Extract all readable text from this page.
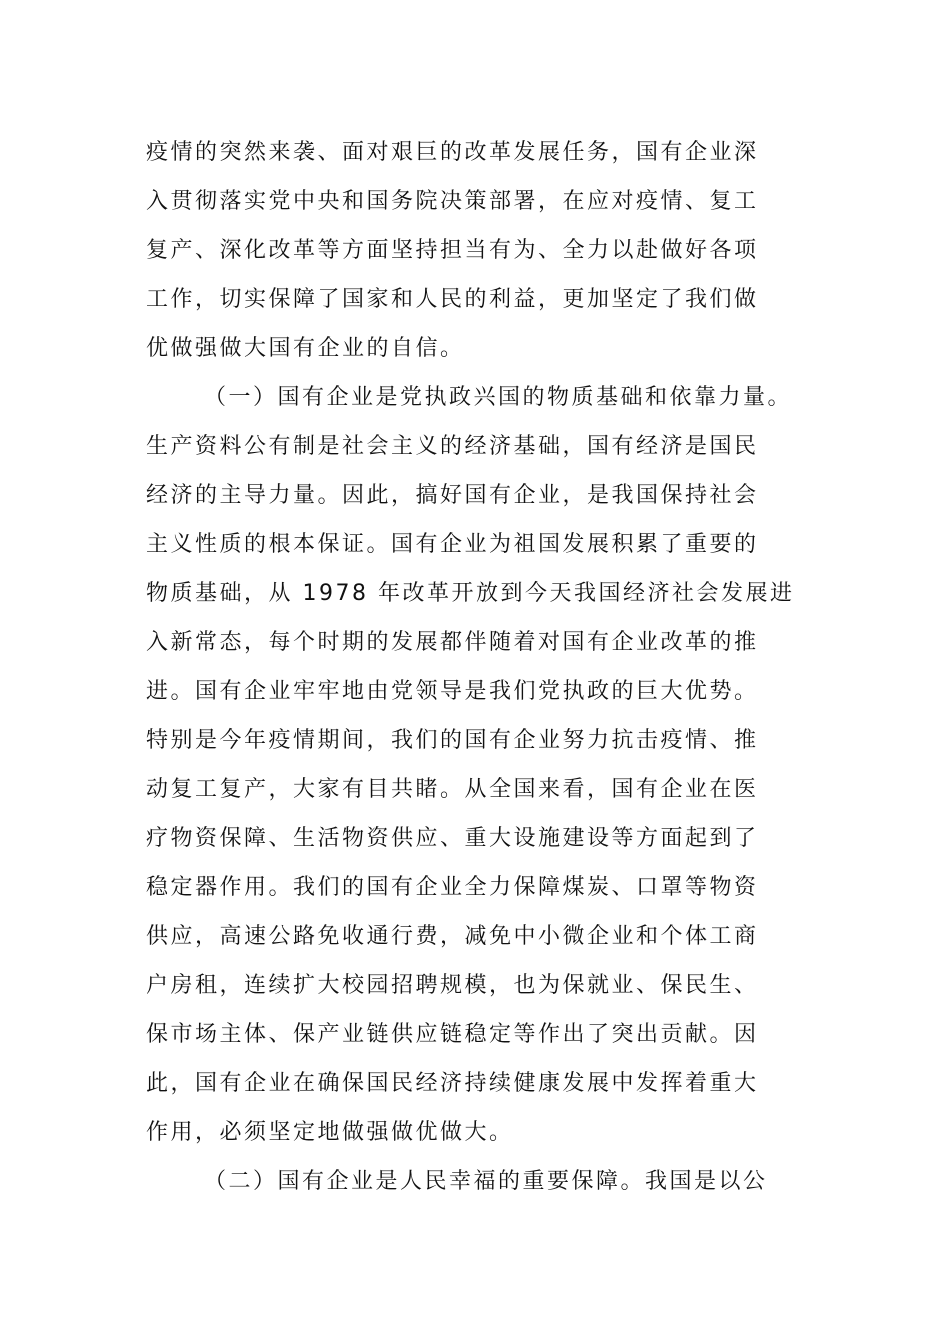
疫情的突然来袭、面对艰巨的改革发展任务，国有企业深
入贯彻落实党中央和国务院决策部署，在应对疫情、复工
复产、深化改革等方面坚持担当有为、全力以赴做好各项
工作，切实保障了国家和人民的利益，更加坚定了我们做
优做强做大国有企业的自信。
（一）国有企业是党执政兴国的物质基础和依靠力量。
生产资料公有制是社会主义的经济基础，国有经济是国民
经济的主导力量。因此，搞好国有企业，是我国保持社会
主义性质的根本保证。国有企业为祖国发展积累了重要的
物质基础，从 1978 年改革开放到今天我国经济社会发展进
入新常态，每个时期的发展都伴随着对国有企业改革的推
进。国有企业牢牢地由党领导是我们党执政的巨大优势。
特别是今年疫情期间，我们的国有企业努力抗击疫情、推
动复工复产，大家有目共睹。从全国来看，国有企业在医
疗物资保障、生活物资供应、重大设施建设等方面起到了
稳定器作用。我们的国有企业全力保障煤炭、口罩等物资
供应，高速公路免收通行费，减免中小微企业和个体工商
户房租，连续扩大校园招聘规模，也为保就业、保民生、
保市场主体、保产业链供应链稳定等作出了突出贡献。因
此，国有企业在确保国民经济持续健康发展中发挥着重大
作用，必须坚定地做强做优做大。
（二）国有企业是人民幸福的重要保障。我国是以公
